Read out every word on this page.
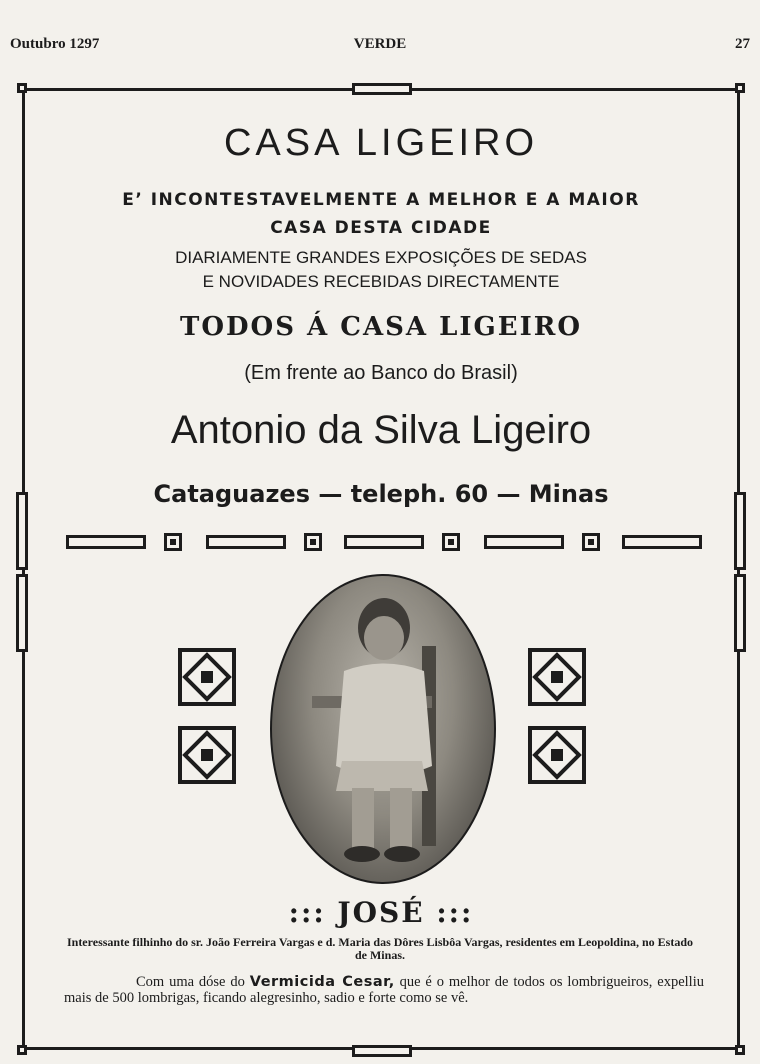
Outubro 1297	VERDE	27
CASA LIGEIRO
E’ INCONTESTAVELMENTE A MELHOR E A MAIOR
CASA DESTA CIDADE
DIARIAMENTE GRANDES EXPOSIÇÕES DE SEDAS
E NOVIDADES RECEBIDAS DIRECTAMENTE
TODOS Á CASA LIGEIRO
(Em frente ao Banco do Brasil)
Antonio da Silva Ligeiro
Cataguazes — teleph. 60 — Minas
::: JOSÉ :::
Interessante filhinho do sr. João Ferreira Vargas e d. Maria das Dôres Lisbôa Vargas, residentes em Leopoldina, no Estado de Minas.
Com uma dóse do Vermicida Cesar, que é o melhor de todos os lombrigueiros, expelliu mais de 500 lombrigas, ficando alegresinho, sadio e forte como se vê.
